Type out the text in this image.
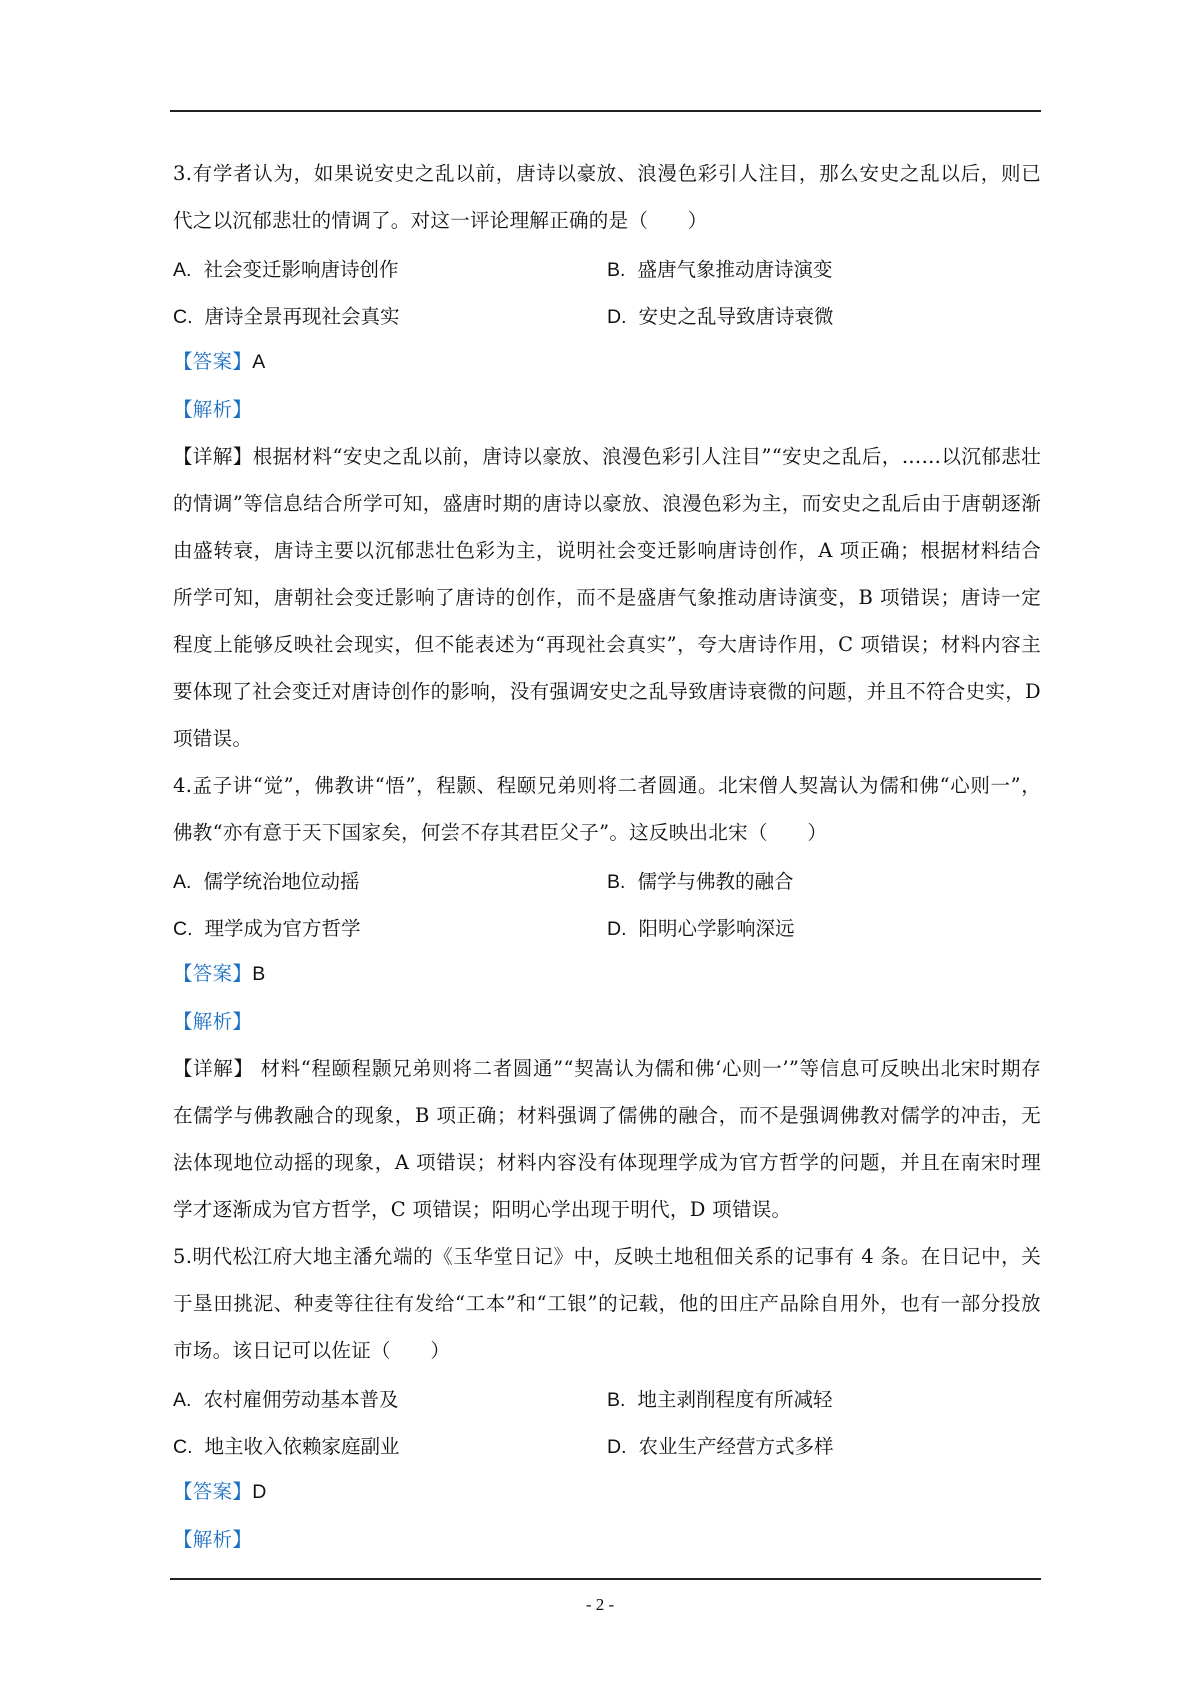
3.有学者认为，如果说安史之乱以前，唐诗以豪放、浪漫色彩引人注目，那么安史之乱以后，则已代之以沉郁悲壮的情调了。对这一评论理解正确的是（　　）

A. 社会变迁影响唐诗创作	B. 盛唐气象推动唐诗演变
C. 唐诗全景再现社会真实	D. 安史之乱导致唐诗衰微

【答案】A

【解析】

【详解】根据材料“安史之乱以前，唐诗以豪放、浪漫色彩引人注目”“安史之乱后，……以沉郁悲壮的情调”等信息结合所学可知，盛唐时期的唐诗以豪放、浪漫色彩为主，而安史之乱后由于唐朝逐渐由盛转衰，唐诗主要以沉郁悲壮色彩为主，说明社会变迁影响唐诗创作，A 项正确；根据材料结合所学可知，唐朝社会变迁影响了唐诗的创作，而不是盛唐气象推动唐诗演变，B 项错误；唐诗一定程度上能够反映社会现实，但不能表述为“再现社会真实”，夸大唐诗作用，C 项错误；材料内容主要体现了社会变迁对唐诗创作的影响，没有强调安史之乱导致唐诗衰微的问题，并且不符合史实，D 项错误。

4.孟子讲“觉”，佛教讲“悟”，程颢、程颐兄弟则将二者圆通。北宋僧人契嵩认为儒和佛“心则一”，佛教“亦有意于天下国家矣，何尝不存其君臣父子”。这反映出北宋（　　）

A. 儒学统治地位动摇	B. 儒学与佛教的融合
C. 理学成为官方哲学	D. 阳明心学影响深远

【答案】B

【解析】

【详解】 材料“程颐程颢兄弟则将二者圆通”“契嵩认为儒和佛‘心则一’”等信息可反映出北宋时期存在儒学与佛教融合的现象，B 项正确；材料强调了儒佛的融合，而不是强调佛教对儒学的冲击，无法体现地位动摇的现象，A 项错误；材料内容没有体现理学成为官方哲学的问题，并且在南宋时理学才逐渐成为官方哲学，C 项错误；阳明心学出现于明代，D 项错误。

5.明代松江府大地主潘允端的《玉华堂日记》中，反映土地租佃关系的记事有 4 条。在日记中，关于垦田挑泥、种麦等往往有发给“工本”和“工银”的记载，他的田庄产品除自用外，也有一部分投放市场。该日记可以佐证（　　）

A. 农村雇佣劳动基本普及	B. 地主剥削程度有所减轻
C. 地主收入依赖家庭副业	D. 农业生产经营方式多样

【答案】D

【解析】

- 2 -
